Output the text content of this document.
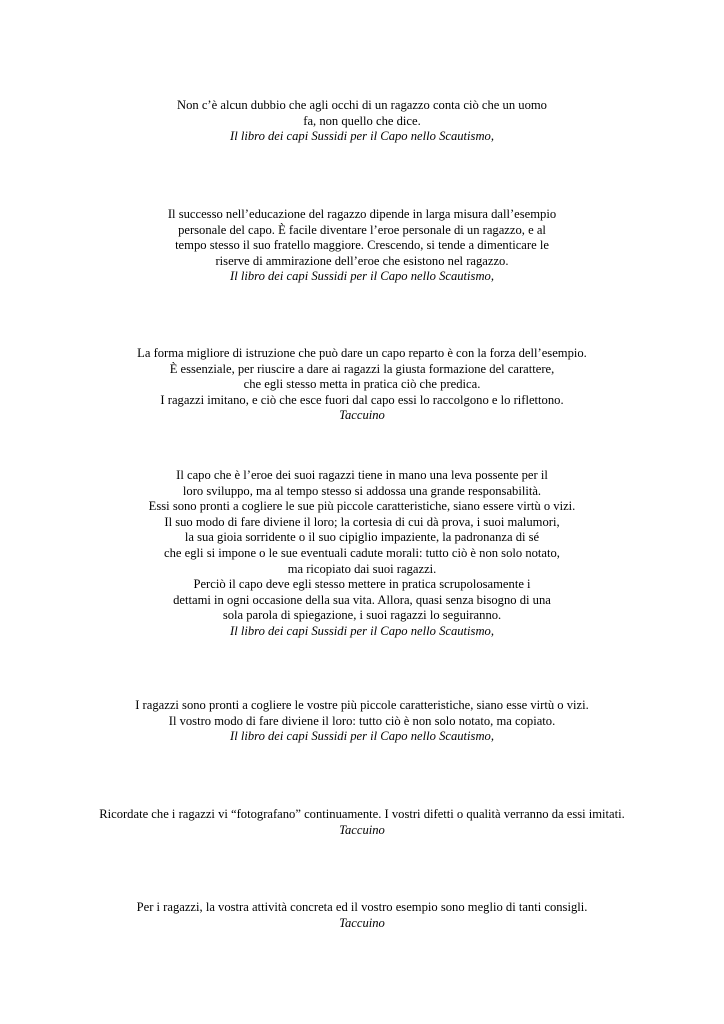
Non c’è alcun dubbio che agli occhi di un ragazzo conta ciò che un uomo
fa, non quello che dice.
Il libro dei capi Sussidi per il Capo nello Scautismo,
Il successo nell’educazione del ragazzo dipende in larga misura dall’esempio
personale del capo. È facile diventare l’eroe personale di un ragazzo, e al
tempo stesso il suo fratello maggiore. Crescendo, si tende a dimenticare le
riserve di ammirazione dell’eroe che esistono nel ragazzo.
Il libro dei capi Sussidi per il Capo nello Scautismo,
La forma migliore di istruzione che può dare un capo reparto è con la forza dell’esempio.
È essenziale, per riuscire a dare ai ragazzi la giusta formazione del carattere,
che egli stesso metta in pratica ciò che predica.
I ragazzi imitano, e ciò che esce fuori dal capo essi lo raccolgono e lo riflettono.
Taccuino
Il capo che è l’eroe dei suoi ragazzi tiene in mano una leva possente per il
loro sviluppo, ma al tempo stesso si addossa una grande responsabilità.
Essi sono pronti a cogliere le sue più piccole caratteristiche, siano essere virtù o vizi.
Il suo modo di fare diviene il loro; la cortesia di cui dà prova, i suoi malumori,
la sua gioia sorridente o il suo cipiglio impaziente, la padronanza di sé
che egli si impone o le sue eventuali cadute morali: tutto ciò è non solo notato,
ma ricopiato dai suoi ragazzi.
Perciò il capo deve egli stesso mettere in pratica scrupolosamente i
dettami in ogni occasione della sua vita. Allora, quasi senza bisogno di una
sola parola di spiegazione, i suoi ragazzi lo seguiranno.
Il libro dei capi Sussidi per il Capo nello Scautismo,
I ragazzi sono pronti a cogliere le vostre più piccole caratteristiche, siano esse virtù o vizi.
Il vostro modo di fare diviene il loro: tutto ciò è non solo notato, ma copiato.
Il libro dei capi Sussidi per il Capo nello Scautismo,
Ricordate che i ragazzi vi “fotografano” continuamente. I vostri difetti o qualità verranno da essi imitati.
Taccuino
Per i ragazzi, la vostra attività concreta ed il vostro esempio sono meglio di tanti consigli.
Taccuino
